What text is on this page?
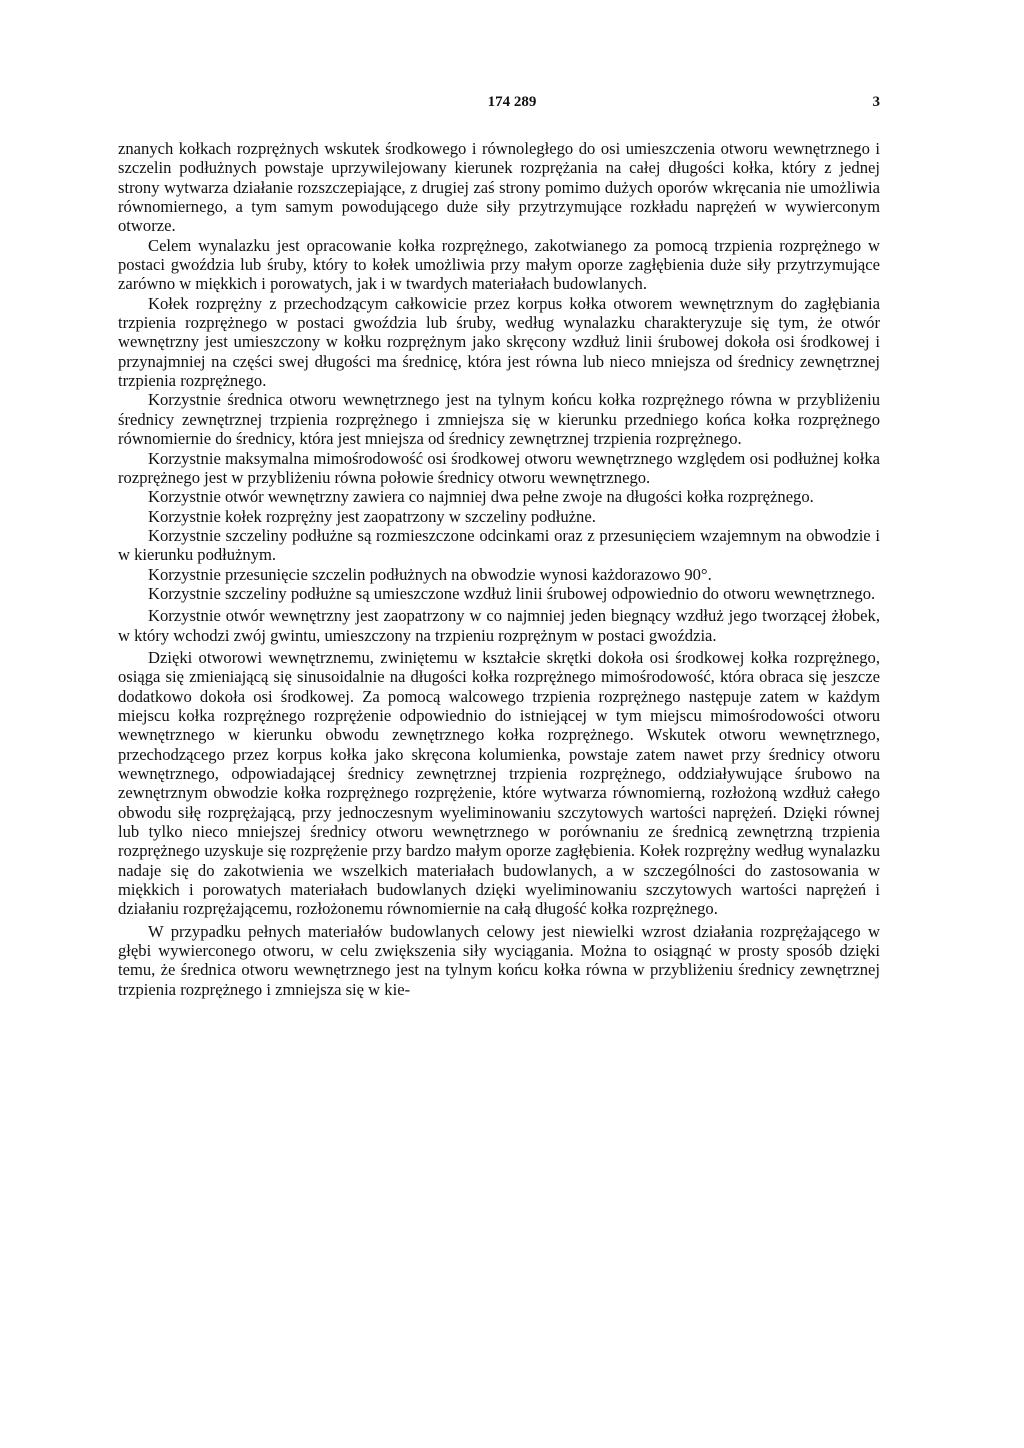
174 289	3

znanych kołkach rozprężnych wskutek środkowego i równoległego do osi umieszczenia otworu wewnętrznego i szczelin podłużnych powstaje uprzywilejowany kierunek rozprężania na całej długości kołka, który z jednej strony wytwarza działanie rozszczepiające, z drugiej zaś strony pomimo dużych oporów wkręcania nie umożliwia równomiernego, a tym samym powodującego duże siły przytrzymujące rozkładu naprężeń w wywierconym otworze.

Celem wynalazku jest opracowanie kołka rozprężnego, zakotwianego za pomocą trzpienia rozprężnego w postaci gwoździa lub śruby, który to kołek umożliwia przy małym oporze zagłębienia duże siły przytrzymujące zarówno w miękkich i porowatych, jak i w twardych materiałach budowlanych.

Kołek rozprężny z przechodzącym całkowicie przez korpus kołka otworem wewnętrznym do zagłębiania trzpienia rozprężnego w postaci gwoździa lub śruby, według wynalazku charakteryzuje się tym, że otwór wewnętrzny jest umieszczony w kołku rozprężnym jako skręcony wzdłuż linii śrubowej dokoła osi środkowej i przynajmniej na części swej długości ma średnicę, która jest równa lub nieco mniejsza od średnicy zewnętrznej trzpienia rozprężnego.

Korzystnie średnica otworu wewnętrznego jest na tylnym końcu kołka rozprężnego równa w przybliżeniu średnicy zewnętrznej trzpienia rozprężnego i zmniejsza się w kierunku przedniego końca kołka rozprężnego równomiernie do średnicy, która jest mniejsza od średnicy zewnętrznej trzpienia rozprężnego.

Korzystnie maksymalna mimośrodowość osi środkowej otworu wewnętrznego względem osi podłużnej kołka rozprężnego jest w przybliżeniu równa połowie średnicy otworu wewnętrznego.

Korzystnie otwór wewnętrzny zawiera co najmniej dwa pełne zwoje na długości kołka rozprężnego.

Korzystnie kołek rozprężny jest zaopatrzony w szczeliny podłużne.

Korzystnie szczeliny podłużne są rozmieszczone odcinkami oraz z przesunięciem wzajemnym na obwodzie i w kierunku podłużnym.

Korzystnie przesunięcie szczelin podłużnych na obwodzie wynosi każdorazowo 90°.

Korzystnie szczeliny podłużne są umieszczone wzdłuż linii śrubowej odpowiednio do otworu wewnętrznego.

Korzystnie otwór wewnętrzny jest zaopatrzony w co najmniej jeden biegnący wzdłuż jego tworzącej żłobek, w który wchodzi zwój gwintu, umieszczony na trzpieniu rozprężnym w postaci gwoździa.

Dzięki otworowi wewnętrznemu, zwiniętemu w kształcie skrętki dokoła osi środkowej kołka rozprężnego, osiąga się zmieniającą się sinusoidalnie na długości kołka rozprężnego mimośrodowość, która obraca się jeszcze dodatkowo dokoła osi środkowej. Za pomocą walcowego trzpienia rozprężnego następuje zatem w każdym miejscu kołka rozprężnego rozprężenie odpowiednio do istniejącej w tym miejscu mimośrodowości otworu wewnętrznego w kierunku obwodu zewnętrznego kołka rozprężnego. Wskutek otworu wewnętrznego, przechodzącego przez korpus kołka jako skręcona kolumienka, powstaje zatem nawet przy średnicy otworu wewnętrznego, odpowiadającej średnicy zewnętrznej trzpienia rozprężnego, oddziaływujące śrubowo na zewnętrznym obwodzie kołka rozprężnego rozprężenie, które wytwarza równomierną, rozłożoną wzdłuż całego obwodu siłę rozprężającą, przy jednoczesnym wyeliminowaniu szczytowych wartości naprężeń. Dzięki równej lub tylko nieco mniejszej średnicy otworu wewnętrznego w porównaniu ze średnicą zewnętrzną trzpienia rozprężnego uzyskuje się rozprężenie przy bardzo małym oporze zagłębienia. Kołek rozprężny według wynalazku nadaje się do zakotwienia we wszelkich materiałach budowlanych, a w szczególności do zastosowania w miękkich i porowatych materiałach budowlanych dzięki wyeliminowaniu szczytowych wartości naprężeń i działaniu rozprężającemu, rozłożonemu równomiernie na całą długość kołka rozprężnego.

W przypadku pełnych materiałów budowlanych celowy jest niewielki wzrost działania rozprężającego w głębi wywierconego otworu, w celu zwiększenia siły wyciągania. Można to osiągnąć w prosty sposób dzięki temu, że średnica otworu wewnętrznego jest na tylnym końcu kołka równa w przybliżeniu średnicy zewnętrznej trzpienia rozprężnego i zmniejsza się w kie-
